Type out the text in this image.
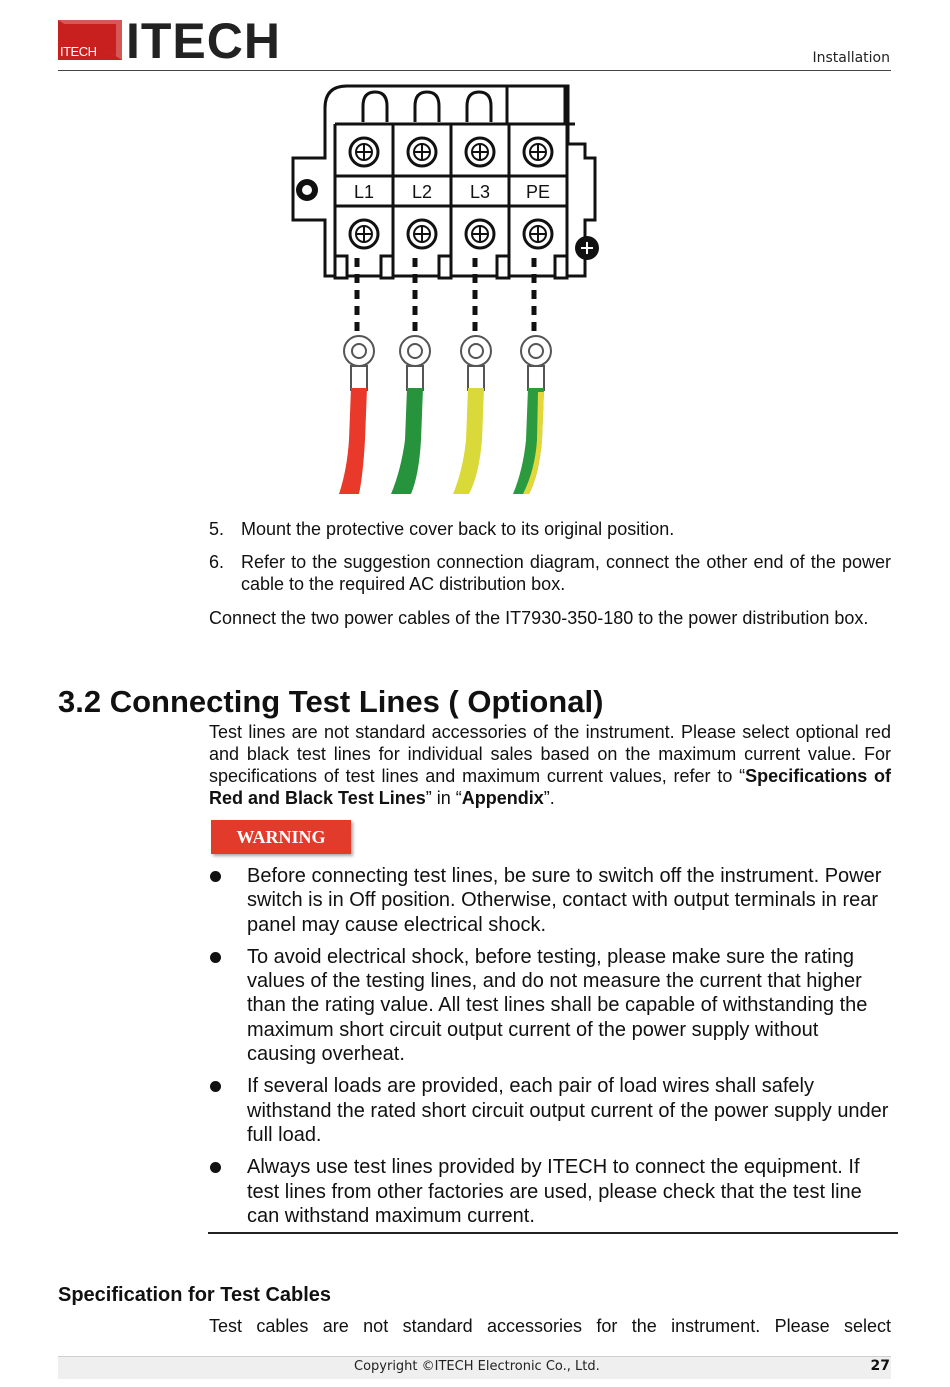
ITECH ITECH	Installation
L1 L2 L3 PE
5. Mount the protective cover back to its original position.
6. Refer to the suggestion connection diagram, connect the other end of the power cable to the required AC distribution box.
Connect the two power cables of the IT7930-350-180 to the power distribution box.
3.2 Connecting Test Lines ( Optional)
Test lines are not standard accessories of the instrument. Please select optional red and black test lines for individual sales based on the maximum current value. For specifications of test lines and maximum current values, refer to “Specifications of Red and Black Test Lines” in “Appendix”.
WARNING
Before connecting test lines, be sure to switch off the instrument. Power switch is in Off position. Otherwise, contact with output terminals in rear panel may cause electrical shock.
To avoid electrical shock, before testing, please make sure the rating values of the testing lines, and do not measure the current that higher than the rating value. All test lines shall be capable of withstanding the maximum short circuit output current of the power supply without causing overheat.
If several loads are provided, each pair of load wires shall safely withstand the rated short circuit output current of the power supply under full load.
Always use test lines provided by ITECH to connect the equipment. If test lines from other factories are used, please check that the test line can withstand maximum current.
Specification for Test Cables
Test cables are not standard accessories for the instrument. Please select
Copyright ©ITECH Electronic Co., Ltd.	27
